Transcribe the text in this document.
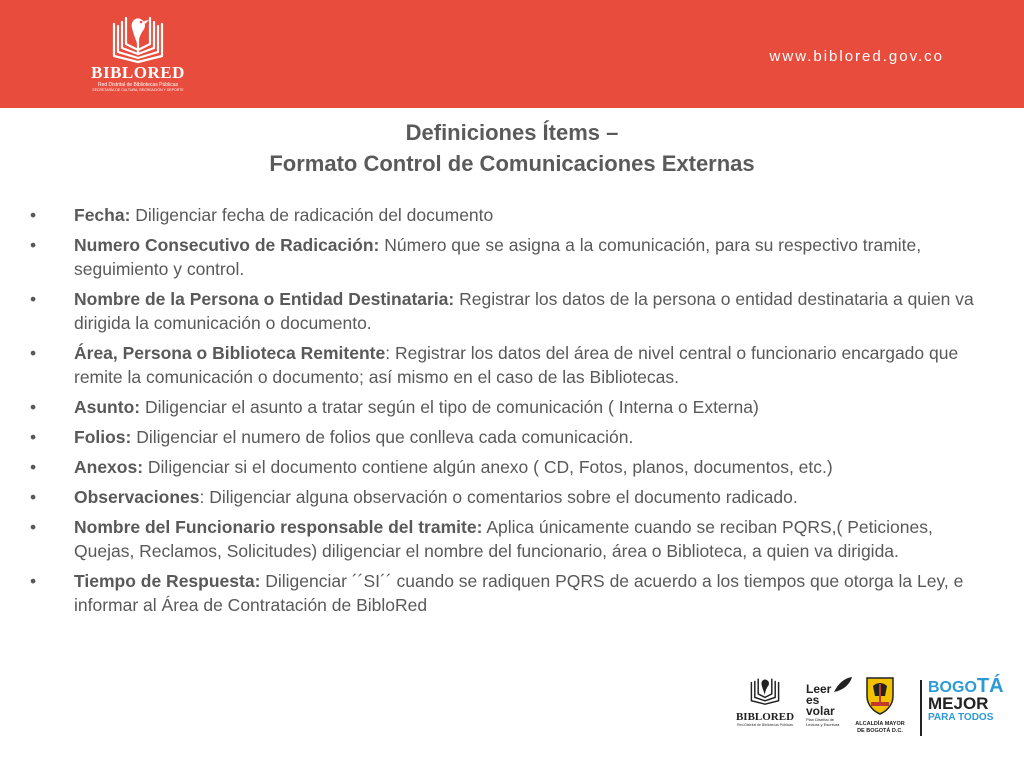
BIBLORED
Red Distrital de Bibliotecas Públicas
SECRETARÍA DE CULTURA, RECREACIÓN Y DEPORTE
www.biblored.gov.co
Definiciones Ítems –
Formato Control de Comunicaciones Externas
•	Fecha: Diligenciar fecha de radicación del documento
•	Numero Consecutivo de Radicación: Número que se asigna a la comunicación, para su respectivo tramite, seguimiento y control.
•	Nombre de la Persona o Entidad Destinataria: Registrar los datos de la persona o entidad destinataria a quien va dirigida la comunicación o documento.
•	Área, Persona o Biblioteca Remitente: Registrar los datos del área de nivel central o funcionario encargado que remite la comunicación o documento; así mismo en el caso de las Bibliotecas.
•	Asunto: Diligenciar el asunto a tratar según el tipo de comunicación ( Interna o Externa)
•	Folios: Diligenciar el numero de folios que conlleva cada comunicación.
•	Anexos: Diligenciar si el documento contiene algún anexo ( CD, Fotos, planos, documentos, etc.)
•	Observaciones: Diligenciar alguna observación o comentarios sobre el documento radicado.
•	Nombre del Funcionario responsable del tramite: Aplica únicamente cuando se reciban PQRS,( Peticiones, Quejas, Reclamos, Solicitudes) diligenciar el nombre del funcionario, área o Biblioteca, a quien va dirigida.
•	Tiempo de Respuesta: Diligenciar ´´SI´´ cuando se radiquen PQRS de acuerdo a los tiempos que otorga la Ley, e informar al Área de Contratación de BibloRed
BIBLORED
Red Distrital de Bibliotecas Públicas
Leer
es
volar
Plan Distrital de
Lectura y Escritura	ALCALDÍA MAYOR
DE BOGOTÁ D.C.
BOGOTÁ
MEJOR
PARA TODOS
